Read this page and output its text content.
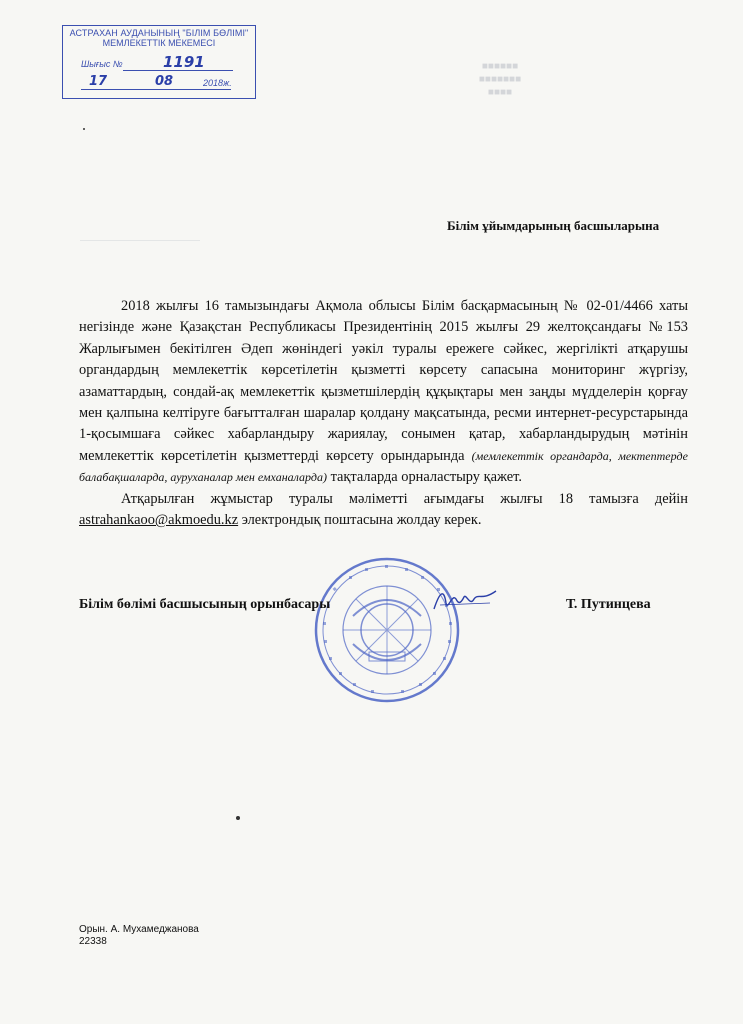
■■■■■■
■■■■■■■
■■■■
АСТРАХАН АУДАНЫНЫҢ "БІЛІМ БӨЛІМІ"
МЕМЛЕКЕТТІК МЕКЕМЕСІ
Шығыс №	1191
17	08	2018ж.
Білім ұйымдарының басшыларына

2018 жылғы 16 тамызындағы Ақмола облысы Білім басқармасының № 02-01/4466 хаты негізінде және Қазақстан Республикасы Президентінің 2015 жылғы 29 желтоқсандағы №153 Жарлығымен бекітілген Әдеп жөніндегі уәкіл туралы ережеге сәйкес, жергілікті атқарушы органдардың мемлекеттік көрсетілетін қызметті көрсету сапасына мониторинг жүргізу, азаматтардың, сондай-ақ мемлекеттік қызметшілердің құқықтары мен заңды мүдделерін қорғау мен қалпына келтіруге бағытталған шаралар қолдану мақсатында, ресми интернет-ресурстарында 1-қосымшаға сәйкес хабарландыру жариялау, сонымен қатар, хабарландырудың мәтінін мемлекеттік көрсетілетін қызметтерді көрсету орындарында (мемлекеттік органдарда, мектептерде балабақшаларда, ауруханалар мен емханаларда) тақталарда орналастыру қажет.

Атқарылған жұмыстар туралы мәліметті ағымдағы жылғы 18 тамызға дейін astrahankaoo@akmoedu.kz электрондық поштасына жолдау керек.

Білім бөлімі басшысының орынбасары	Т. Путинцева
Орын. А. Мухамеджанова
22338
